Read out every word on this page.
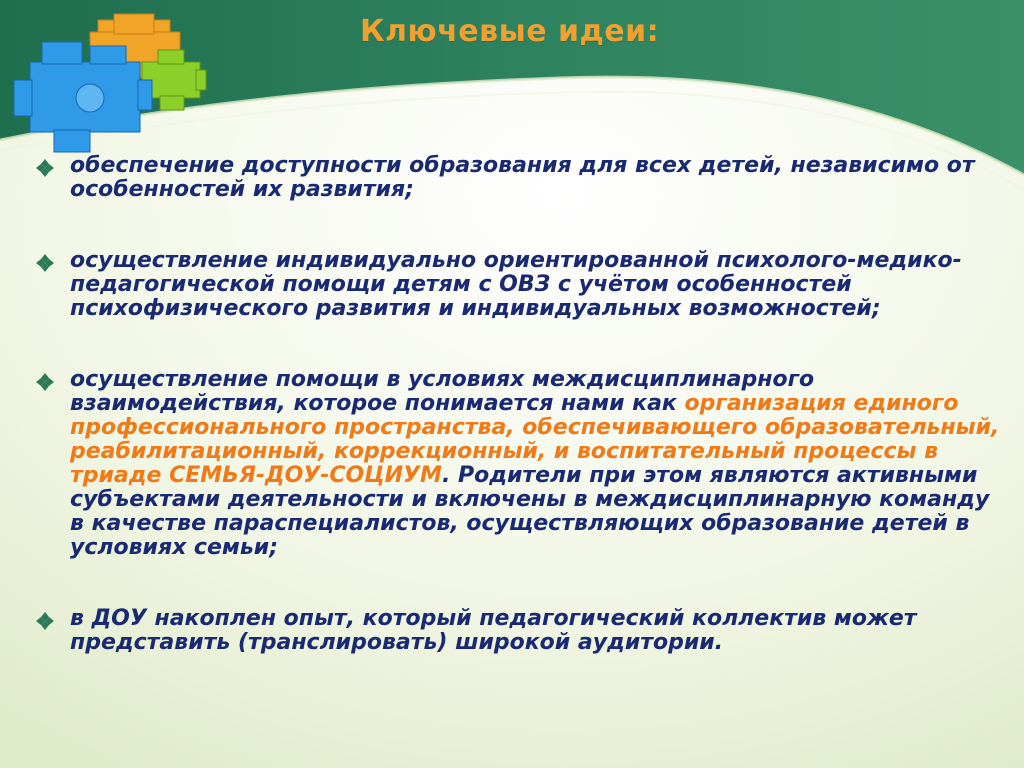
Ключевые идеи:
обеспечение доступности образования для всех детей, независимо от особенностей их развития;
осуществление индивидуально ориентированной психолого-медико-педагогической помощи детям с ОВЗ с учётом особенностей психофизического развития и индивидуальных возможностей;
осуществление помощи в условиях междисциплинарного взаимодействия, которое понимается нами как организация единого профессионального пространства, обеспечивающего образовательный, реабилитационный, коррекционный, и воспитательный процессы в триаде СЕМЬЯ-ДОУ-СОЦИУМ. Родители при этом являются активными субъектами деятельности и включены в междисциплинарную команду в качестве параспециалистов, осуществляющих образование детей в условиях семьи;
в ДОУ накоплен опыт, который педагогический коллектив может представить (транслировать) широкой аудитории.
